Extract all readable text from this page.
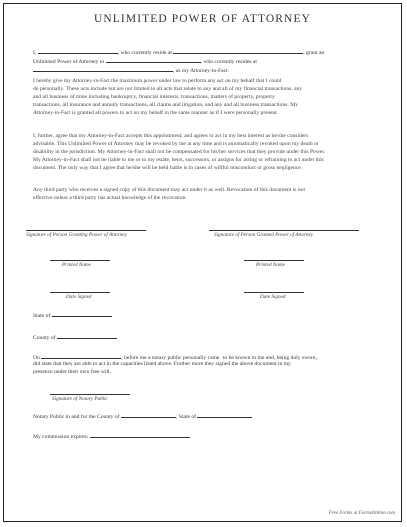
UNLIMITED POWER OF ATTORNEY
I,	, who currently reside at	, grant an
Unlimited Power of Attorney to	, who currently resides at
, as my Attorney-in-Fact.
I hereby give my Attorney-in-Fact the maximum power under law to perform any act on my behalf that I could
do personally. These acts include but are not limited to all acts that relate to any and all of my financial transactions, any
and all business of mine including bankruptcy, financial interests, transactions, matters of property, property
transactions, all insurance and annuity transactions, all claims and litigation, and any and all business transactions. My
Attorney-in-Fact is granted all powers to act on my behalf in the same manner as if I were personally present.
I, further, agree that my Attorney-in-Fact accepts this appointment, and agrees to act in my best interest as he/she considers
advisable. This Unlimited Power of Attorney may be revoked by me at any time and is automatically revoked upon my death or
disability in the jurisdiction. My Attorney-in-Fact shall not be compensated for his/her services that they provide under this Power.
My Attorney-in-Fact shall not be liable to me or to my estate, heirs, successors, or assigns for acting or refraining to act under this
document. The only way that I agree that he/she will be held liable is in cases of willful misconduct or gross negligence.
Any third party who receives a signed copy of this document may act under it as well. Revocation of this document is not
effective unless a third party has actual knowledge of the revocation.
Signature of Person Granting Power of Attorney	Signature of Person Granted Power of Attorney
Printed Name	Printed Name
Date Signed	Date Signed
State of
County of
On	, before me a notary public personally came to be known to me and, being duly sworn,
did state that they are able to act in the capacities listed above. Further more they signed the above document in my
presence under their own free will.
Signature of Notary Public
Notary Public in and for the County of	, State of
My commission expires:
Free Forms at FormsOnline.com
